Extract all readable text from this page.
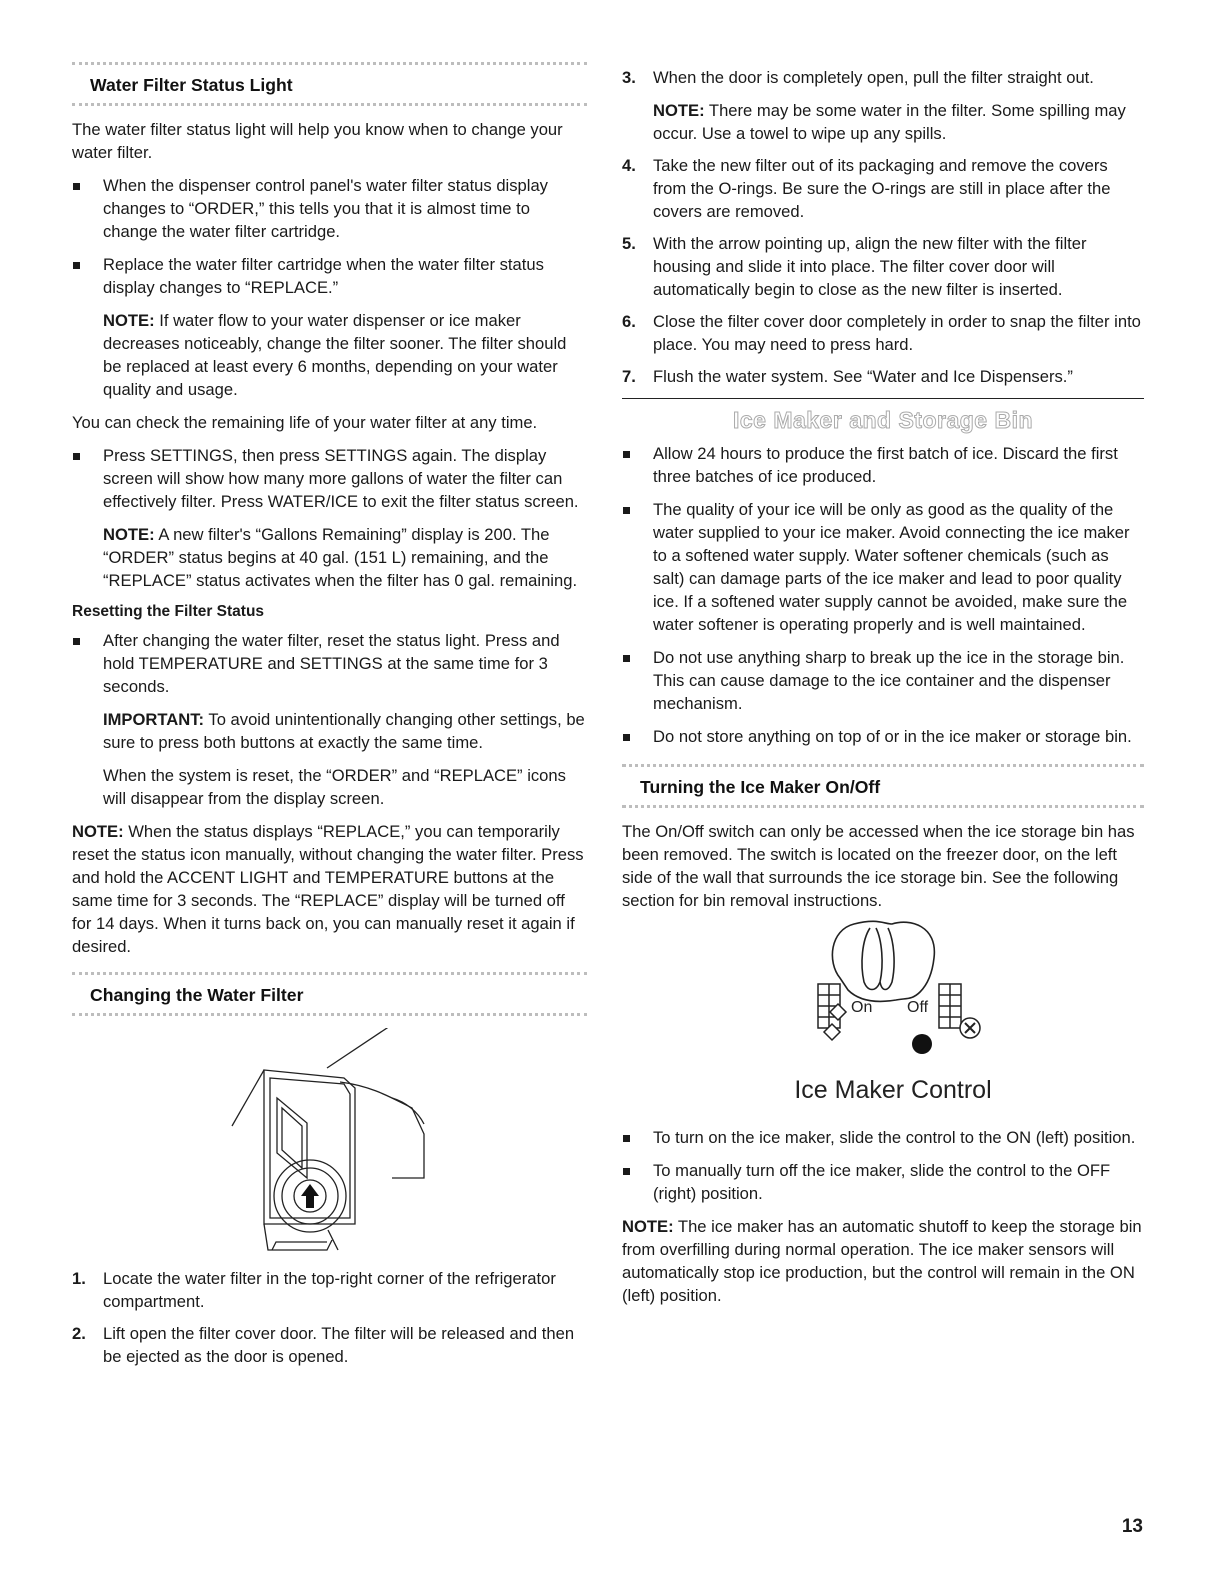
Water Filter Status Light

The water filter status light will help you know when to change your water filter.

When the dispenser control panel's water filter status display changes to “ORDER,” this tells you that it is almost time to change the water filter cartridge.

Replace the water filter cartridge when the water filter status display changes to “REPLACE.”

NOTE: If water flow to your water dispenser or ice maker decreases noticeably, change the filter sooner. The filter should be replaced at least every 6 months, depending on your water quality and usage.

You can check the remaining life of your water filter at any time.

Press SETTINGS, then press SETTINGS again. The display screen will show how many more gallons of water the filter can effectively filter. Press WATER/ICE to exit the filter status screen.

NOTE: A new filter's “Gallons Remaining” display is 200. The “ORDER” status begins at 40 gal. (151 L) remaining, and the “REPLACE” status activates when the filter has 0 gal. remaining.

Resetting the Filter Status

After changing the water filter, reset the status light. Press and hold TEMPERATURE and SETTINGS at the same time for 3 seconds.

IMPORTANT: To avoid unintentionally changing other settings, be sure to press both buttons at exactly the same time.

When the system is reset, the “ORDER” and “REPLACE” icons will disappear from the display screen.

NOTE: When the status displays “REPLACE,” you can temporarily reset the status icon manually, without changing the water filter. Press and hold the ACCENT LIGHT and TEMPERATURE buttons at the same time for 3 seconds. The “REPLACE” display will be turned off for 14 days. When it turns back on, you can manually reset it again if desired.

Changing the Water Filter

1. Locate the water filter in the top-right corner of the refrigerator compartment.

2. Lift open the filter cover door. The filter will be released and then be ejected as the door is opened.

3. When the door is completely open, pull the filter straight out.

NOTE: There may be some water in the filter. Some spilling may occur. Use a towel to wipe up any spills.

4. Take the new filter out of its packaging and remove the covers from the O-rings. Be sure the O-rings are still in place after the covers are removed.

5. With the arrow pointing up, align the new filter with the filter housing and slide it into place. The filter cover door will automatically begin to close as the new filter is inserted.

6. Close the filter cover door completely in order to snap the filter into place. You may need to press hard.

7. Flush the water system. See “Water and Ice Dispensers.”

Ice Maker and Storage Bin

Allow 24 hours to produce the first batch of ice. Discard the first three batches of ice produced.

The quality of your ice will be only as good as the quality of the water supplied to your ice maker. Avoid connecting the ice maker to a softened water supply. Water softener chemicals (such as salt) can damage parts of the ice maker and lead to poor quality ice. If a softened water supply cannot be avoided, make sure the water softener is operating properly and is well maintained.

Do not use anything sharp to break up the ice in the storage bin. This can cause damage to the ice container and the dispenser mechanism.

Do not store anything on top of or in the ice maker or storage bin.

Turning the Ice Maker On/Off

The On/Off switch can only be accessed when the ice storage bin has been removed. The switch is located on the freezer door, on the left side of the wall that surrounds the ice storage bin. See the following section for bin removal instructions.

On Off
Ice Maker Control

To turn on the ice maker, slide the control to the ON (left) position.

To manually turn off the ice maker, slide the control to the OFF (right) position.

NOTE: The ice maker has an automatic shutoff to keep the storage bin from overfilling during normal operation. The ice maker sensors will automatically stop ice production, but the control will remain in the ON (left) position.

13
